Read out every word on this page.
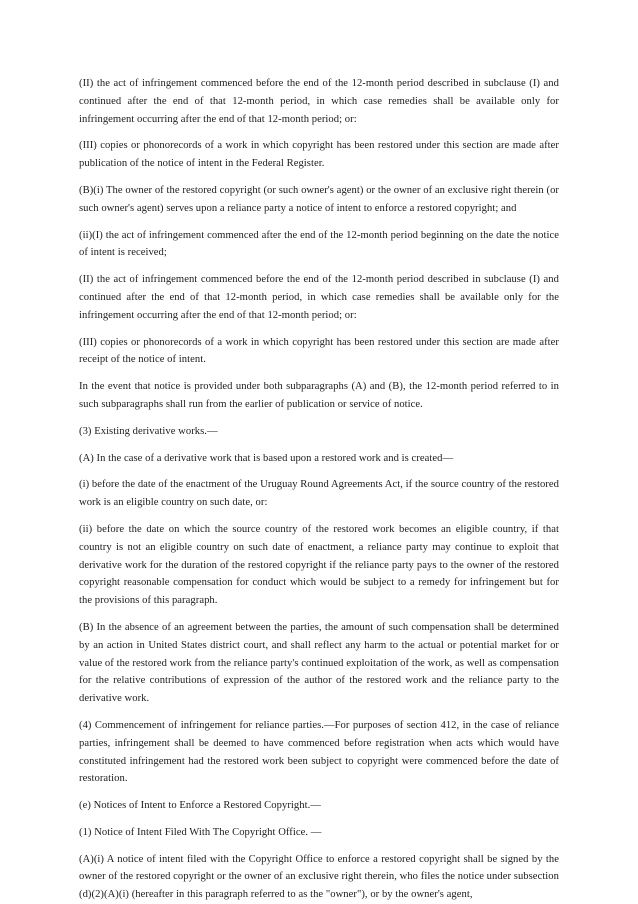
(II) the act of infringement commenced before the end of the 12-month period described in subclause (I) and continued after the end of that 12-month period, in which case remedies shall be available only for infringement occurring after the end of that 12-month period; or:

(III) copies or phonorecords of a work in which copyright has been restored under this section are made after publication of the notice of intent in the Federal Register.

(B)(i) The owner of the restored copyright (or such owner's agent) or the owner of an exclusive right therein (or such owner's agent) serves upon a reliance party a notice of intent to enforce a restored copyright; and

(ii)(I) the act of infringement commenced after the end of the 12-month period beginning on the date the notice of intent is received;

(II) the act of infringement commenced before the end of the 12-month period described in subclause (I) and continued after the end of that 12-month period, in which case remedies shall be available only for the infringement occurring after the end of that 12-month period; or:

(III) copies or phonorecords of a work in which copyright has been restored under this section are made after receipt of the notice of intent.

In the event that notice is provided under both subparagraphs (A) and (B), the 12-month period referred to in such subparagraphs shall run from the earlier of publication or service of notice.

(3) Existing derivative works.—

(A) In the case of a derivative work that is based upon a restored work and is created—

(i) before the date of the enactment of the Uruguay Round Agreements Act, if the source country of the restored work is an eligible country on such date, or:

(ii) before the date on which the source country of the restored work becomes an eligible country, if that country is not an eligible country on such date of enactment, a reliance party may continue to exploit that derivative work for the duration of the restored copyright if the reliance party pays to the owner of the restored copyright reasonable compensation for conduct which would be subject to a remedy for infringement but for the provisions of this paragraph.

(B) In the absence of an agreement between the parties, the amount of such compensation shall be determined by an action in United States district court, and shall reflect any harm to the actual or potential market for or value of the restored work from the reliance party's continued exploitation of the work, as well as compensation for the relative contributions of expression of the author of the restored work and the reliance party to the derivative work.

(4) Commencement of infringement for reliance parties.—For purposes of section 412, in the case of reliance parties, infringement shall be deemed to have commenced before registration when acts which would have constituted infringement had the restored work been subject to copyright were commenced before the date of restoration.

(e) Notices of Intent to Enforce a Restored Copyright.—

(1) Notice of Intent Filed With The Copyright Office. —

(A)(i) A notice of intent filed with the Copyright Office to enforce a restored copyright shall be signed by the owner of the restored copyright or the owner of an exclusive right therein, who files the notice under subsection (d)(2)(A)(i) (hereafter in this paragraph referred to as the "owner"), or by the owner's agent,
